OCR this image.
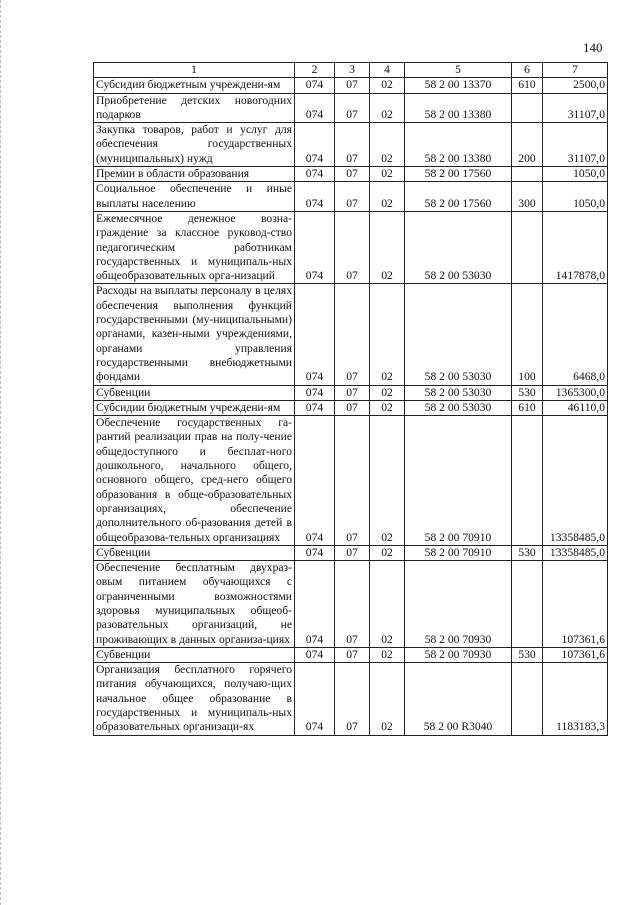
140
1	2	3	4	5	6	7
Субсидии бюджетным учреждени-ям	074	07	02	58 2 00 13370	610	2500,0
Приобретение детских новогодних подарков	074	07	02	58 2 00 13380		31107,0
Закупка товаров, работ и услуг для обеспечения государственных (муниципальных) нужд	074	07	02	58 2 00 13380	200	31107,0
Премии в области образования	074	07	02	58 2 00 17560		1050,0
Социальное обеспечение и иные выплаты населению	074	07	02	58 2 00 17560	300	1050,0
Ежемесячное денежное возна-граждение за классное руковод-ство педагогическим работникам государственных и муниципаль-ных общеобразовательных орга-низаций	074	07	02	58 2 00 53030		1417878,0
Расходы на выплаты персоналу в целях обеспечения выполнения функций государственными (му-ниципальными) органами, казен-ными учреждениями, органами управления государственными внебюджетными фондами	074	07	02	58 2 00 53030	100	6468,0
Субвенции	074	07	02	58 2 00 53030	530	1365300,0
Субсидии бюджетным учреждени-ям	074	07	02	58 2 00 53030	610	46110,0
Обеспечение государственных га-рантий реализации прав на полу-чение общедоступного и бесплат-ного дошкольного, начального общего, основного общего, сред-него общего образования в обще-образовательных организациях, обеспечение дополнительного об-разования детей в общеобразова-тельных организациях	074	07	02	58 2 00 70910		13358485,0
Субвенции	074	07	02	58 2 00 70910	530	13358485,0
Обеспечение бесплатным двухраз-овым питанием обучающихся с ограниченными возможностями здоровья муниципальных общеоб-разовательных организаций, не проживающих в данных организа-циях	074	07	02	58 2 00 70930		107361,6
Субвенции	074	07	02	58 2 00 70930	530	107361,6
Организация бесплатного горячего питания обучающихся, получаю-щих начальное общее образование в государственных и муниципаль-ных образовательных организаци-ях	074	07	02	58 2 00 R3040		1183183,3
